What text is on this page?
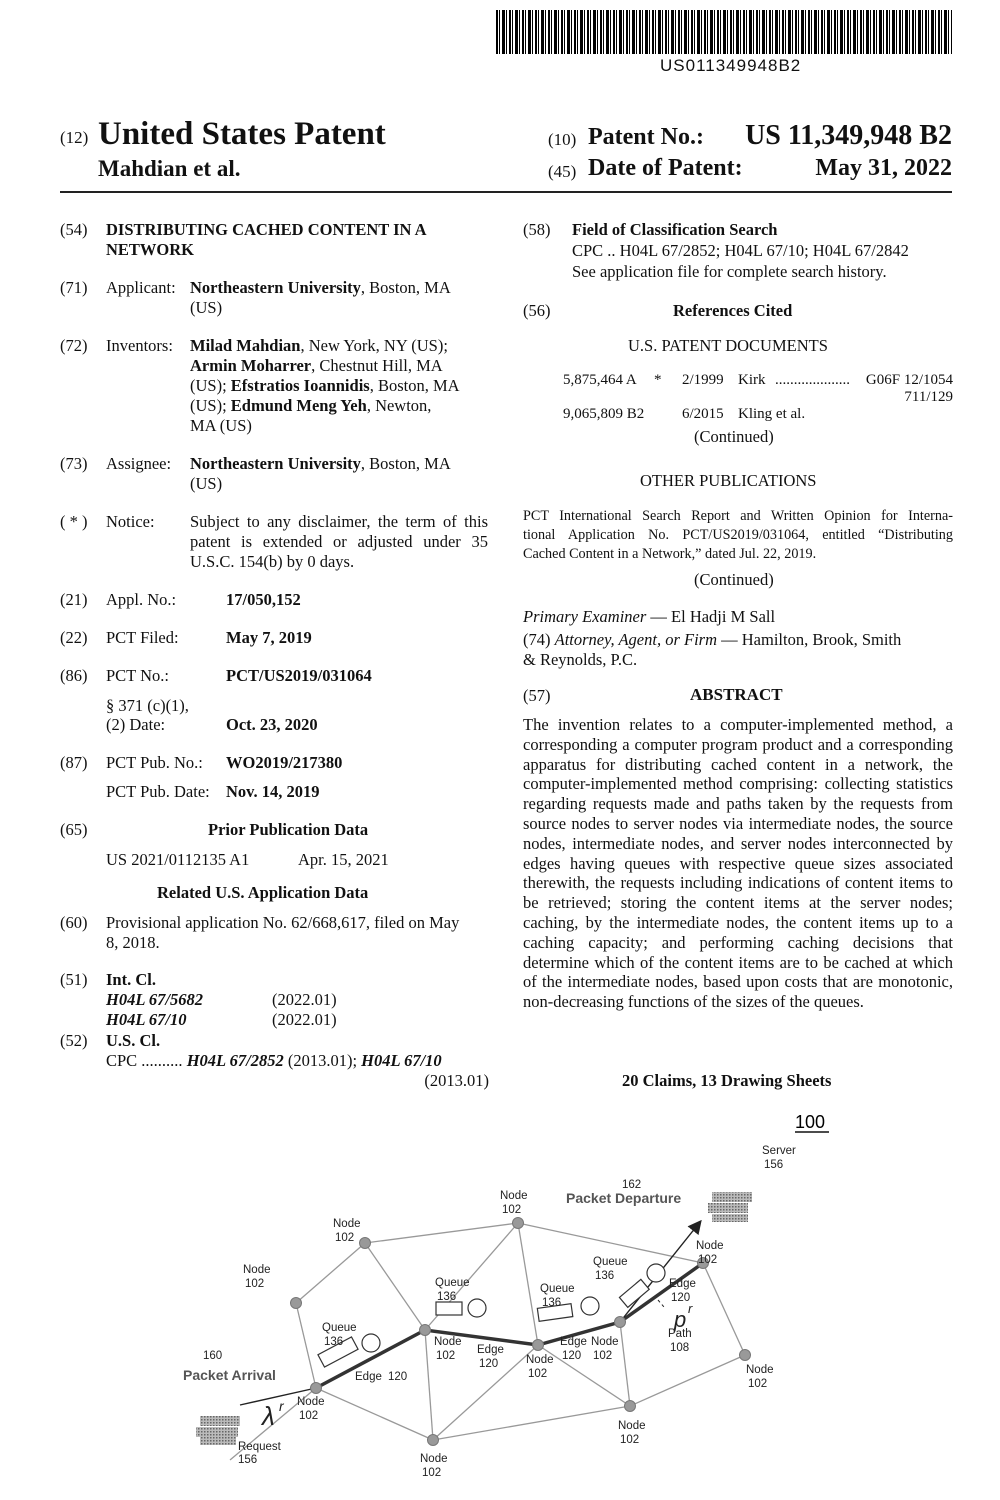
US011349948B2
(12) United States Patent
Mahdian et al.
(10) Patent No.: US 11,349,948 B2
(45) Date of Patent:	May 31, 2022
(54) DISTRIBUTING CACHED CONTENT IN A
NETWORK
(71) Applicant: Northeastern University, Boston, MA
(US)
(72) Inventors: Milad Mahdian, New York, NY (US);
Armin Moharrer, Chestnut Hill, MA
(US); Efstratios Ioannidis, Boston, MA
(US); Edmund Meng Yeh, Newton,
MA (US)
(73) Assignee: Northeastern University, Boston, MA
(US)
( * ) Notice: Subject to any disclaimer, the term of this
patent is extended or adjusted under 35
U.S.C. 154(b) by 0 days.
(21) Appl. No.:	17/050,152
(22) PCT Filed:	May 7, 2019
(86) PCT No.:	PCT/US2019/031064
§ 371 (c)(1),
(2) Date:	Oct. 23, 2020
(87) PCT Pub. No.: WO2019/217380
PCT Pub. Date: Nov. 14, 2019
(65)	Prior Publication Data
US 2021/0112135 A1	Apr. 15, 2021
Related U.S. Application Data
(60) Provisional application No. 62/668,617, filed on May
8, 2018.
(51) Int. Cl.
H04L 67/5682	(2022.01)
H04L 67/10	(2022.01)
(52) U.S. Cl.
CPC .......... H04L 67/2852 (2013.01); H04L 67/10
(2013.01)
(58) Field of Classification Search
CPC .. H04L 67/2852; H04L 67/10; H04L 67/2842
See application file for complete search history.
(56)	References Cited
U.S. PATENT DOCUMENTS
5,875,464 A * 2/1999 Kirk .................... G06F 12/1054
711/129
9,065,809 B2	6/2015 Kling et al.
(Continued)
OTHER PUBLICATIONS
PCT International Search Report and Written Opinion for Interna-
tional Application No. PCT/US2019/031064, entitled “Distributing
Cached Content in a Network,” dated Jul. 22, 2019.
(Continued)
Primary Examiner — El Hadji M Sall
(74) Attorney, Agent, or Firm — Hamilton, Brook, Smith
& Reynolds, P.C.
(57)	ABSTRACT
The invention relates to a computer-implemented method, a corresponding a computer program product and a corresponding apparatus for distributing cached content in a network, the computer-implemented method comprising: collecting statistics regarding requests made and paths taken by the requests from source nodes to server nodes via intermediate nodes, the source nodes, intermediate nodes, and server nodes interconnected by edges having queues with respective queue sizes associated therewith, the requests including indications of content items to be retrieved; storing the content items at the server nodes; caching, by the intermediate nodes, the content items up to a caching capacity; and performing caching decisions that determine which of the content items are to be cached at which of the intermediate nodes, based upon costs that are monotonic, non-decreasing functions of the sizes of the queues.
20 Claims, 13 Drawing Sheets
100
Server
156
162
Packet Departure
160
Packet Arrival
Request
156
Node
102
Node
102
Node
102
Node
102
Node
102	Node
102
Node
102
Node
102
Node
102
Node
102
Node
102
Queue
136
Queue
136
Queue
136
Queue
136
Edge 120
Edge
120
Edge
120
Edge
120
Path
108
λ r
p r
